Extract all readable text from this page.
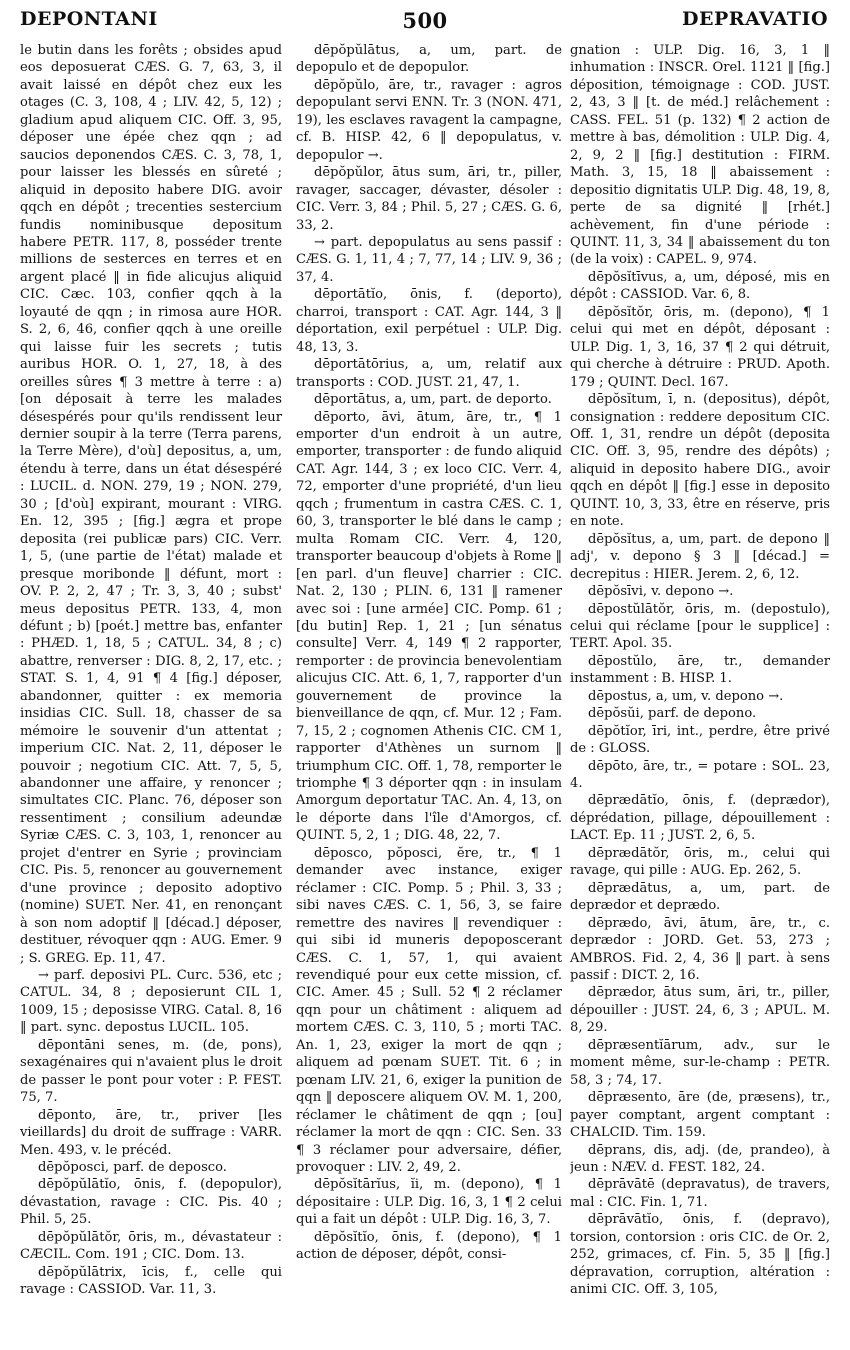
DEPONTANI	500	DEPRAVATIO

le butin dans les forêts ; obsides apud eos deposuerat CÆS. G. 7, 63, 3, il avait laissé en dépôt chez eux les otages (C. 3, 108, 4 ; LIV. 42, 5, 12) ; gladium apud aliquem CIC. Off. 3, 95, déposer une épée chez qqn ; ad saucios deponendos CÆS. C. 3, 78, 1, pour laisser les blessés en sûreté ; aliquid in deposito habere DIG. avoir qqch en dépôt ; trecenties sestercium fundis nominibusque depositum habere PETR. 117, 8, posséder trente millions de sesterces en terres et en argent placé ‖ in fide alicujus aliquid CIC. Cæc. 103, confier qqch à la loyauté de qqn ; in rimosa aure HOR. S. 2, 6, 46, confier qqch à une oreille qui laisse fuir les secrets ; tutis auribus HOR. O. 1, 27, 18, à des oreilles sûres ¶ 3 mettre à terre : a) [on déposait à terre les malades désespérés pour qu'ils rendissent leur dernier soupir à la terre (Terra parens, la Terre Mère), d'où] depositus, a, um, étendu à terre, dans un état désespéré : LUCIL. d. NON. 279, 19 ; NON. 279, 30 ; [d'où] expirant, mourant : VIRG. En. 12, 395 ; [fig.] ægra et prope deposita (rei publicæ pars) CIC. Verr. 1, 5, (une partie de l'état) malade et presque moribonde ‖ défunt, mort : OV. P. 2, 2, 47 ; Tr. 3, 3, 40 ; subst' meus depositus PETR. 133, 4, mon défunt ; b) [poét.] mettre bas, enfanter : PHÆD. 1, 18, 5 ; CATUL. 34, 8 ; c) abattre, renverser : DIG. 8, 2, 17, etc. ; STAT. S. 1, 4, 91 ¶ 4 [fig.] déposer, abandonner, quitter : ex memoria insidias CIC. Sull. 18, chasser de sa mémoire le souvenir d'un attentat ; imperium CIC. Nat. 2, 11, déposer le pouvoir ; negotium CIC. Att. 7, 5, 5, abandonner une affaire, y renoncer ; simultates CIC. Planc. 76, déposer son ressentiment ; consilium adeundæ Syriæ CÆS. C. 3, 103, 1, renoncer au projet d'entrer en Syrie ; provinciam CIC. Pis. 5, renoncer au gouvernement d'une province ; deposito adoptivo (nomine) SUET. Ner. 41, en renonçant à son nom adoptif ‖ [décad.] déposer, destituer, révoquer qqn : AUG. Emer. 9 ; S. GREG. Ep. 11, 47.

→ parf. deposivi PL. Curc. 536, etc ; CATUL. 34, 8 ; deposierunt CIL 1, 1009, 15 ; deposisse VIRG. Catal. 8, 16 ‖ part. sync. depostus LUCIL. 105.

dēpontāni senes, m. (de, pons), sexagénaires qui n'avaient plus le droit de passer le pont pour voter : P. FEST. 75, 7.

dēponto, āre, tr., priver [les vieillards] du droit de suffrage : VARR. Men. 493, v. le précéd.

dēpŏposci, parf. de deposco.

dēpŏpŭlātĭo, ōnis, f. (depopulor), dévastation, ravage : CIC. Pis. 40 ; Phil. 5, 25.

dēpŏpŭlātŏr, ōris, m., dévastateur : CÆCIL. Com. 191 ; CIC. Dom. 13.

dēpŏpŭlātrix, īcis, f., celle qui ravage : CASSIOD. Var. 11, 3.

dēpŏpŭlātus, a, um, part. de depopulo et de depopulor.

dēpŏpŭlo, āre, tr., ravager : agros depopulant servi ENN. Tr. 3 (NON. 471, 19), les esclaves ravagent la campagne, cf. B. HISP. 42, 6 ‖ depopulatus, v. depopulor →.

dēpŏpŭlor, ātus sum, āri, tr., piller, ravager, saccager, dévaster, désoler : CIC. Verr. 3, 84 ; Phil. 5, 27 ; CÆS. G. 6, 33, 2.

→ part. depopulatus au sens passif : CÆS. G. 1, 11, 4 ; 7, 77, 14 ; LIV. 9, 36 ; 37, 4.

dēportātĭo, ōnis, f. (deporto), charroi, transport : CAT. Agr. 144, 3 ‖ déportation, exil perpétuel : ULP. Dig. 48, 13, 3.

dēportātōrius, a, um, relatif aux transports : COD. JUST. 21, 47, 1.

dēportātus, a, um, part. de deporto.

dēporto, āvi, ātum, āre, tr., ¶ 1 emporter d'un endroit à un autre, emporter, transporter : de fundo aliquid CAT. Agr. 144, 3 ; ex loco CIC. Verr. 4, 72, emporter d'une propriété, d'un lieu qqch ; frumentum in castra CÆS. C. 1, 60, 3, transporter le blé dans le camp ; multa Romam CIC. Verr. 4, 120, transporter beaucoup d'objets à Rome ‖ [en parl. d'un fleuve] charrier : CIC. Nat. 2, 130 ; PLIN. 6, 131 ‖ ramener avec soi : [une armée] CIC. Pomp. 61 ; [du butin] Rep. 1, 21 ; [un sénatus consulte] Verr. 4, 149 ¶ 2 rapporter, remporter : de provincia benevolentiam alicujus CIC. Att. 6, 1, 7, rapporter d'un gouvernement de province la bienveillance de qqn, cf. Mur. 12 ; Fam. 7, 15, 2 ; cognomen Athenis CIC. CM 1, rapporter d'Athènes un surnom ‖ triumphum CIC. Off. 1, 78, remporter le triomphe ¶ 3 déporter qqn : in insulam Amorgum deportatur TAC. An. 4, 13, on le déporte dans l'île d'Amorgos, cf. QUINT. 5, 2, 1 ; DIG. 48, 22, 7.

dēposco, pŏposci, ĕre, tr., ¶ 1 demander avec instance, exiger réclamer : CIC. Pomp. 5 ; Phil. 3, 33 ; sibi naves CÆS. C. 1, 56, 3, se faire remettre des navires ‖ revendiquer : qui sibi id muneris depoposcerant CÆS. C. 1, 57, 1, qui avaient revendiqué pour eux cette mission, cf. CIC. Amer. 45 ; Sull. 52 ¶ 2 réclamer qqn pour un châtiment : aliquem ad mortem CÆS. C. 3, 110, 5 ; morti TAC. An. 1, 23, exiger la mort de qqn ; aliquem ad pœnam SUET. Tit. 6 ; in pœnam LIV. 21, 6, exiger la punition de qqn ‖ deposcere aliquem OV. M. 1, 200, réclamer le châtiment de qqn ; [ou] réclamer la mort de qqn : CIC. Sen. 33 ¶ 3 réclamer pour adversaire, défier, provoquer : LIV. 2, 49, 2.

dēpŏsĭtārĭus, ĭi, m. (depono), ¶ 1 dépositaire : ULP. Dig. 16, 3, 1 ¶ 2 celui qui a fait un dépôt : ULP. Dig. 16, 3, 7.

dēpŏsĭtĭo, ōnis, f. (depono), ¶ 1 action de déposer, dépôt, consi-

gnation : ULP. Dig. 16, 3, 1 ‖ inhumation : INSCR. Orel. 1121 ‖ [fig.] déposition, témoignage : COD. JUST. 2, 43, 3 ‖ [t. de méd.] relâchement : CASS. FEL. 51 (p. 132) ¶ 2 action de mettre à bas, démolition : ULP. Dig. 4, 2, 9, 2 ‖ [fig.] destitution : FIRM. Math. 3, 15, 18 ‖ abaissement : depositio dignitatis ULP. Dig. 48, 19, 8, perte de sa dignité ‖ [rhét.] achèvement, fin d'une période : QUINT. 11, 3, 34 ‖ abaissement du ton (de la voix) : CAPEL. 9, 974.

dēpŏsĭtīvus, a, um, déposé, mis en dépôt : CASSIOD. Var. 6, 8.

dēpŏsĭtŏr, ōris, m. (depono), ¶ 1 celui qui met en dépôt, déposant : ULP. Dig. 1, 3, 16, 37 ¶ 2 qui détruit, qui cherche à détruire : PRUD. Apoth. 179 ; QUINT. Decl. 167.

dēpŏsĭtum, ī, n. (depositus), dépôt, consignation : reddere depositum CIC. Off. 1, 31, rendre un dépôt (deposita CIC. Off. 3, 95, rendre des dépôts) ; aliquid in deposito habere DIG., avoir qqch en dépôt ‖ [fig.] esse in deposito QUINT. 10, 3, 33, être en réserve, pris en note.

dēpŏsĭtus, a, um, part. de depono ‖ adj', v. depono § 3 ‖ [décad.] = decrepitus : HIER. Jerem. 2, 6, 12.

dēpŏsīvi, v. depono →.

dēpostŭlātŏr, ōris, m. (depostulo), celui qui réclame [pour le supplice] : TERT. Apol. 35.

dēpostŭlo, āre, tr., demander instamment : B. HISP. 1.

dēpostus, a, um, v. depono →.

dēpŏsŭi, parf. de depono.

dēpŏtĭor, īri, int., perdre, être privé de : GLOSS.

dēpōto, āre, tr., = potare : SOL. 23, 4.

dēprædātĭo, ōnis, f. (deprædor), déprédation, pillage, dépouillement : LACT. Ep. 11 ; JUST. 2, 6, 5.

dēprædātŏr, ōris, m., celui qui ravage, qui pille : AUG. Ep. 262, 5.

dēprædātus, a, um, part. de deprædor et deprædo.

dēprædo, āvi, ātum, āre, tr., c. deprædor : JORD. Get. 53, 273 ; AMBROS. Fid. 2, 4, 36 ‖ part. à sens passif : DICT. 2, 16.

dēprædor, ātus sum, āri, tr., piller, dépouiller : JUST. 24, 6, 3 ; APUL. M. 8, 29.

dēpræsentĭārum, adv., sur le moment même, sur-le-champ : PETR. 58, 3 ; 74, 17.

dēpræsento, āre (de, præsens), tr., payer comptant, argent comptant : CHALCID. Tim. 159.

dēprans, dis, adj. (de, prandeo), à jeun : NÆV. d. FEST. 182, 24.

dēprāvātē (depravatus), de travers, mal : CIC. Fin. 1, 71.

dēprāvātĭo, ōnis, f. (depravo), torsion, contorsion : oris CIC. de Or. 2, 252, grimaces, cf. Fin. 5, 35 ‖ [fig.] dépravation, corruption, altération : animi CIC. Off. 3, 105,
